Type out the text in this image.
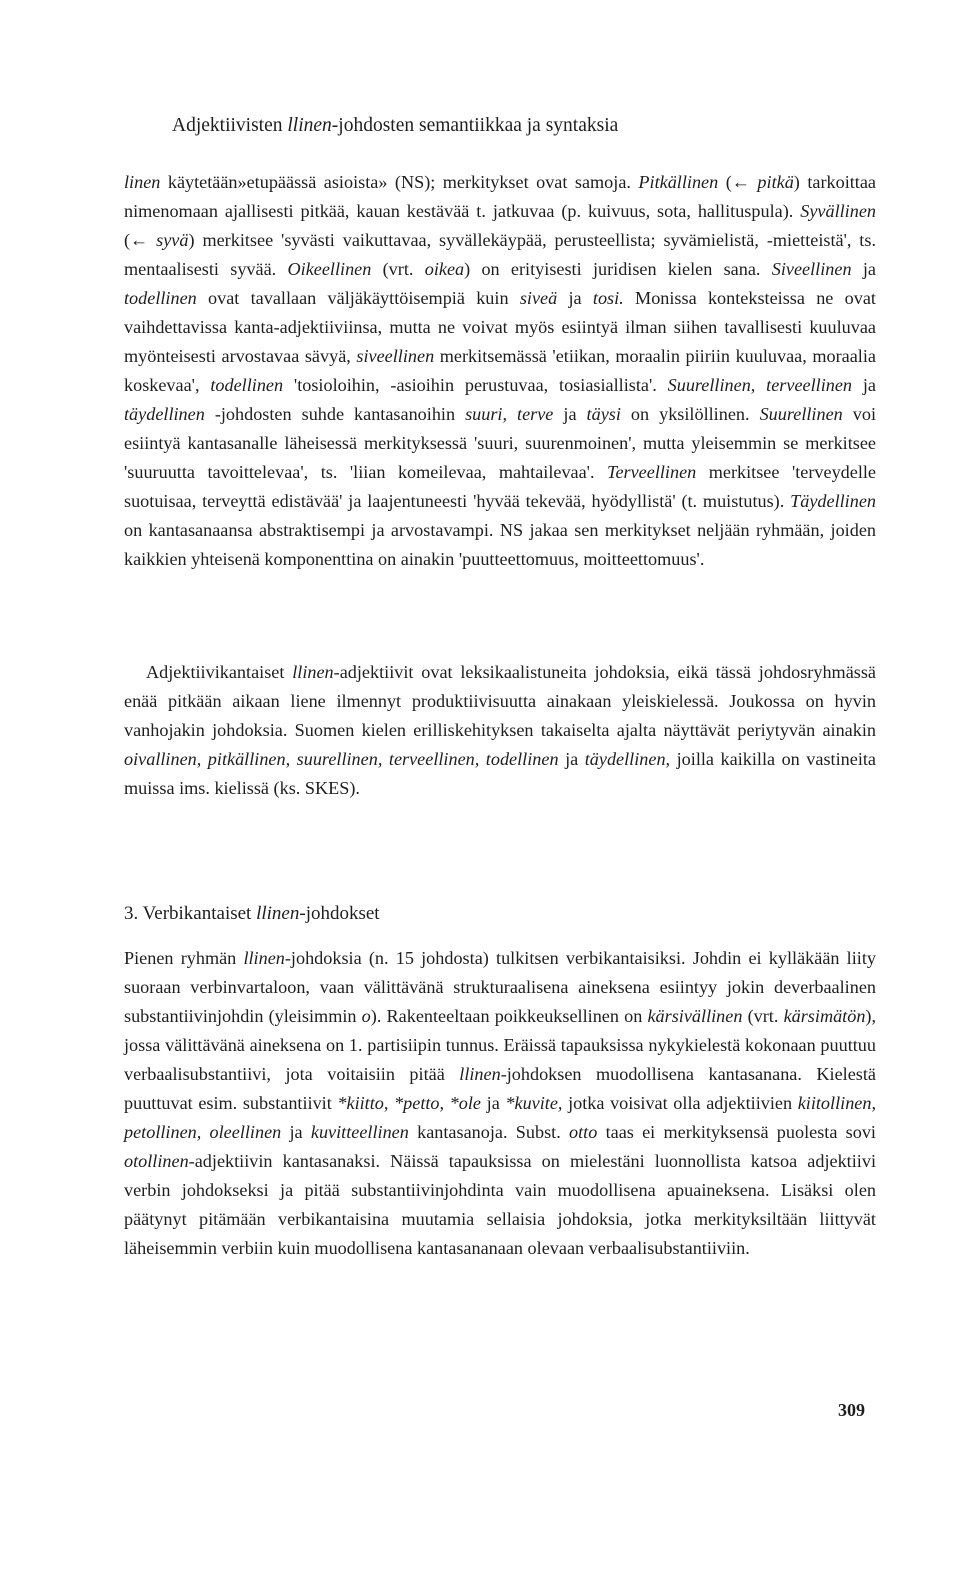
Adjektiivisten llinen-johdosten semantiikkaa ja syntaksia
linen käytetään»etupäässä asioista» (NS); merkitykset ovat samoja. Pitkällinen (← pitkä) tarkoittaa nimenomaan ajallisesti pitkää, kauan kestävää t. jatkuvaa (p. kuivuus, sota, hallituspula). Syvällinen (← syvä) merkitsee 'syvästi vaikuttavaa, syvällekäypää, perusteellista; syvämielistä, -mietteistä', ts. mentaalisesti syvää. Oikeellinen (vrt. oikea) on erityisesti juridisen kielen sana. Siveellinen ja todellinen ovat tavallaan väljäkäyttöisempiä kuin siveä ja tosi. Monissa konteksteissa ne ovat vaihdettavissa kanta-adjektiiviinsa, mutta ne voivat myös esiintyä ilman siihen tavallisesti kuuluvaa myönteisesti arvostavaa sävyä, siveellinen merkitsemässä 'etiikan, moraalin piiriin kuuluvaa, moraalia koskevaa', todellinen 'tosioloihin, -asioihin perustuvaa, tosiasiallista'. Suurellinen, terveellinen ja täydellinen -johdosten suhde kantasanoihin suuri, terve ja täysi on yksilöllinen. Suurellinen voi esiintyä kantasanalle läheisessä merkityksessä 'suuri, suurenmoinen', mutta yleisemmin se merkitsee 'suuruutta tavoittelevaa', ts. 'liian komeilevaa, mahtailevaa'. Terveellinen merkitsee 'terveydelle suotuisaa, terveyttä edistävää' ja laajentuneesti 'hyvää tekevää, hyödyllistä' (t. muistutus). Täydellinen on kantasanaansa abstraktisempi ja arvostavampi. NS jakaa sen merkitykset neljään ryhmään, joiden kaikkien yhteisenä komponenttina on ainakin 'puutteettomuus, moitteettomuus'.
Adjektiivikantaiset llinen-adjektiivit ovat leksikaalistuneita johdoksia, eikä tässä johdosryhmässä enää pitkään aikaan liene ilmennyt produktiivisuutta ainakaan yleiskielessä. Joukossa on hyvin vanhojakin johdoksia. Suomen kielen erilliskehityksen takaiselta ajalta näyttävät periytyvän ainakin oivallinen, pitkällinen, suurellinen, terveellinen, todellinen ja täydellinen, joilla kaikilla on vastineita muissa ims. kielissä (ks. SKES).
3. Verbikantaiset llinen-johdokset
Pienen ryhmän llinen-johdoksia (n. 15 johdosta) tulkitsen verbikantaisiksi. Johdin ei kylläkään liity suoraan verbinvartaloon, vaan välittävänä strukturaalisena aineksena esiintyy jokin deverbaalinen substantiivinjohdin (yleisimmin o). Rakenteeltaan poikkeuksellinen on kärsivällinen (vrt. kärsimätön), jossa välittävänä aineksena on 1. partisiipin tunnus. Eräissä tapauksissa nykykielestä kokonaan puuttuu verbaalisubstantiivi, jota voitaisiin pitää llinen-johdoksen muodollisena kantasanana. Kielestä puuttuvat esim. substantiivit *kiitto, *petto, *ole ja *kuvite, jotka voisivat olla adjektiivien kiitollinen, petollinen, oleellinen ja kuvitteellinen kantasanoja. Subst. otto taas ei merkityksensä puolesta sovi otollinen-adjektiivin kantasanaksi. Näissä tapauksissa on mielestäni luonnollista katsoa adjektiivi verbin johdokseksi ja pitää substantiivinjohdinta vain muodollisena apuaineksena. Lisäksi olen päätynyt pitämään verbikantaisina muutamia sellaisia johdoksia, jotka merkityksiltään liittyvät läheisemmin verbiin kuin muodollisena kantasananaan olevaan verbaalisubstantiiviin.
309
